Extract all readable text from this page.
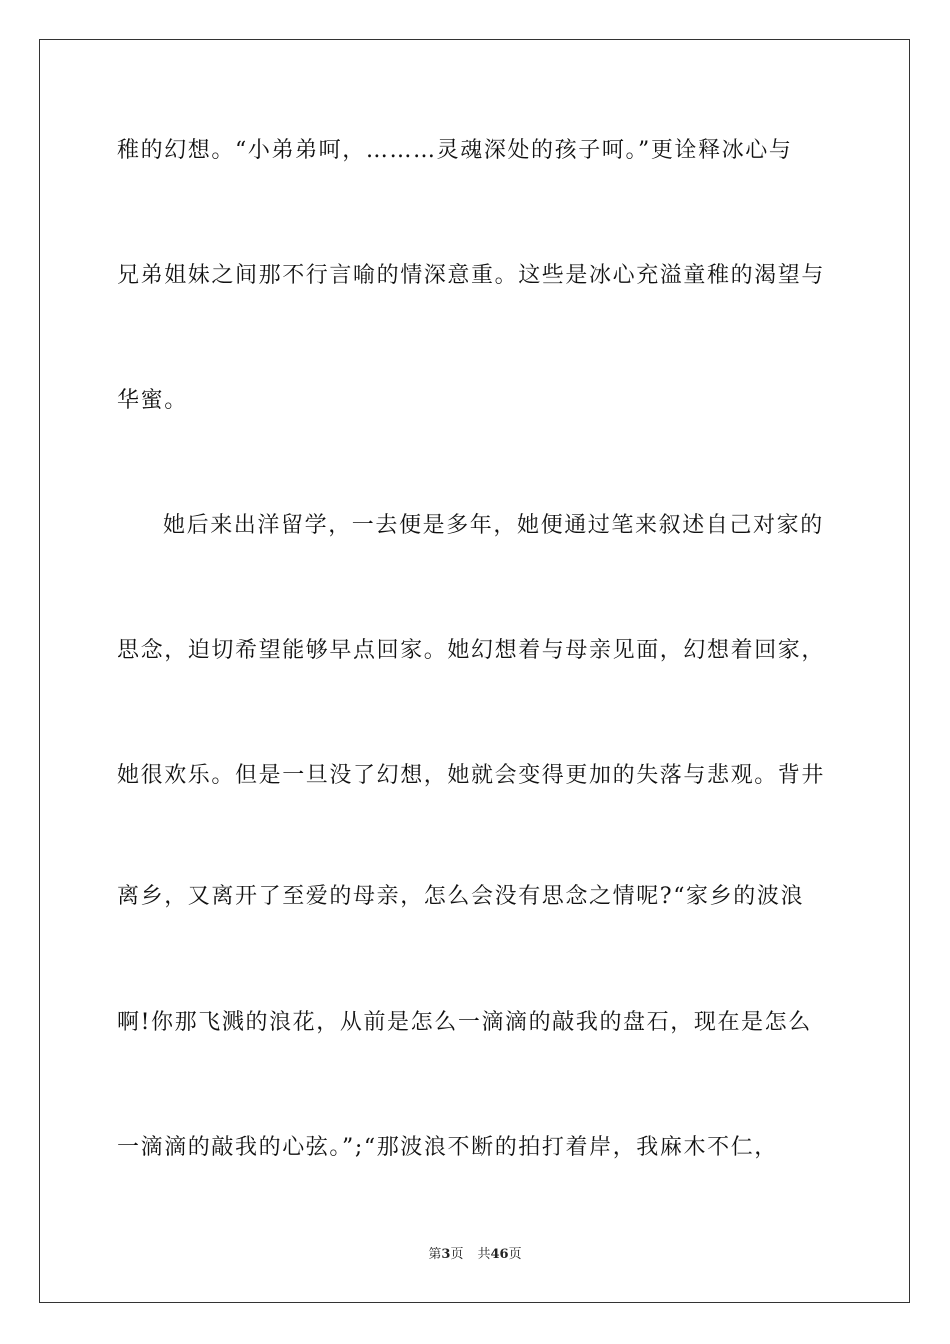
稚的幻想。“小弟弟呵，………灵魂深处的孩子呵。”更诠释冰心与
兄弟姐妹之间那不行言喻的情深意重。这些是冰心充溢童稚的渴望与
华蜜。
她后来出洋留学，一去便是多年，她便通过笔来叙述自己对家的
思念，迫切希望能够早点回家。她幻想着与母亲见面，幻想着回家，
她很欢乐。但是一旦没了幻想，她就会变得更加的失落与悲观。背井
离乡，又离开了至爱的母亲，怎么会没有思念之情呢?“家乡的波浪
啊!你那飞溅的浪花，从前是怎么一滴滴的敲我的盘石，现在是怎么
一滴滴的敲我的心弦。”;“那波浪不断的拍打着岸，我麻木不仁，
第3页 共46页
